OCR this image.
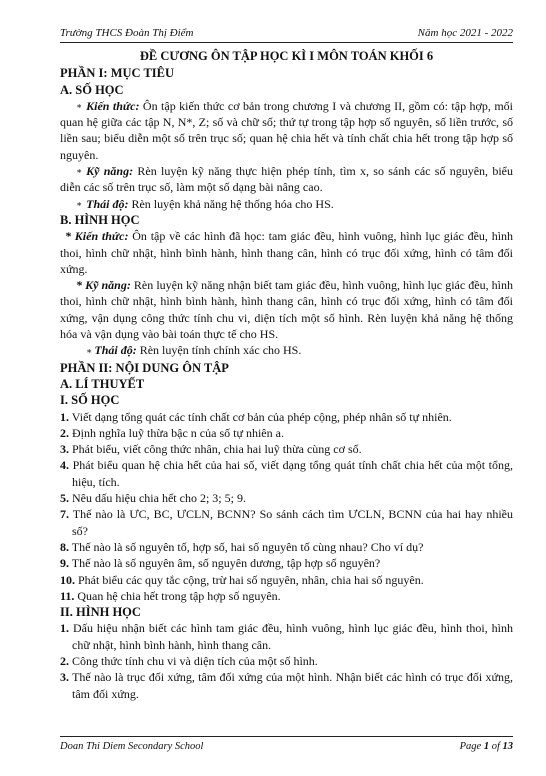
Trường THCS Đoàn Thị Điểm	Năm học 2021 - 2022
ĐỀ CƯƠNG ÔN TẬP HỌC KÌ I MÔN TOÁN KHỐI 6
PHẦN I: MỤC TIÊU
A. SỐ HỌC
∗ Kiến thức: Ôn tập kiến thức cơ bản trong chương I và chương II, gồm có: tập hợp, mối quan hệ giữa các tập N, N*, Z; số và chữ số; thứ tự trong tập hợp số nguyên, số liền trước, số liền sau; biểu diễn một số trên trục số; quan hệ chia hết và tính chất chia hết trong tập hợp số nguyên.
∗ Kỹ năng: Rèn luyện kỹ năng thực hiện phép tính, tìm x, so sánh các số nguyên, biểu diễn các số trên trục số, làm một số dạng bài nâng cao.
∗ Thái độ: Rèn luyện khả năng hệ thống hóa cho HS.
B. HÌNH HỌC
* Kiến thức: Ôn tập về các hình đã học: tam giác đều, hình vuông, hình lục giác đều, hình thoi, hình chữ nhật, hình bình hành, hình thang cân, hình có trục đối xứng, hình có tâm đối xứng.
* Kỹ năng: Rèn luyện kỹ năng nhận biết tam giác đều, hình vuông, hình lục giác đều, hình thoi, hình chữ nhật, hình bình hành, hình thang cân, hình có trục đối xứng, hình có tâm đối xứng, vận dụng công thức tính chu vi, diện tích một số hình. Rèn luyện khả năng hệ thống hóa và vận dụng vào bài toán thực tế cho HS.
∗ Thái độ: Rèn luyện tính chính xác cho HS.
PHẦN II: NỘI DUNG ÔN TẬP
A. LÍ THUYẾT
I. SỐ HỌC
1. Viết dạng tổng quát các tính chất cơ bản của phép cộng, phép nhân số tự nhiên.
2. Định nghĩa luỹ thừa bậc n của số tự nhiên a.
3. Phát biểu, viết công thức nhân, chia hai luỹ thừa cùng cơ số.
4. Phát biểu quan hệ chia hết của hai số, viết dạng tổng quát tính chất chia hết của một tổng, hiệu, tích.
5. Nêu dấu hiệu chia hết cho 2; 3; 5; 9.
7. Thế nào là ƯC, BC, ƯCLN, BCNN? So sánh cách tìm ƯCLN, BCNN của hai hay nhiều số?
8. Thế nào là số nguyên tố, hợp số, hai số nguyên tố cùng nhau? Cho ví dụ?
9. Thế nào là số nguyên âm, số nguyên dương, tập hợp số nguyên?
10. Phát biểu các quy tắc cộng, trừ hai số nguyên, nhân, chia hai số nguyên.
11. Quan hệ chia hết trong tập hợp số nguyên.
II. HÌNH HỌC
1. Dấu hiệu nhận biết các hình tam giác đều, hình vuông, hình lục giác đều, hình thoi, hình chữ nhật, hình bình hành, hình thang cân.
2. Công thức tính chu vi và diện tích của một số hình.
3. Thế nào là trục đối xứng, tâm đối xứng của một hình. Nhận biết các hình có trục đối xứng, tâm đối xứng.
Doan Thi Diem Secondary School	Page 1 of 13
